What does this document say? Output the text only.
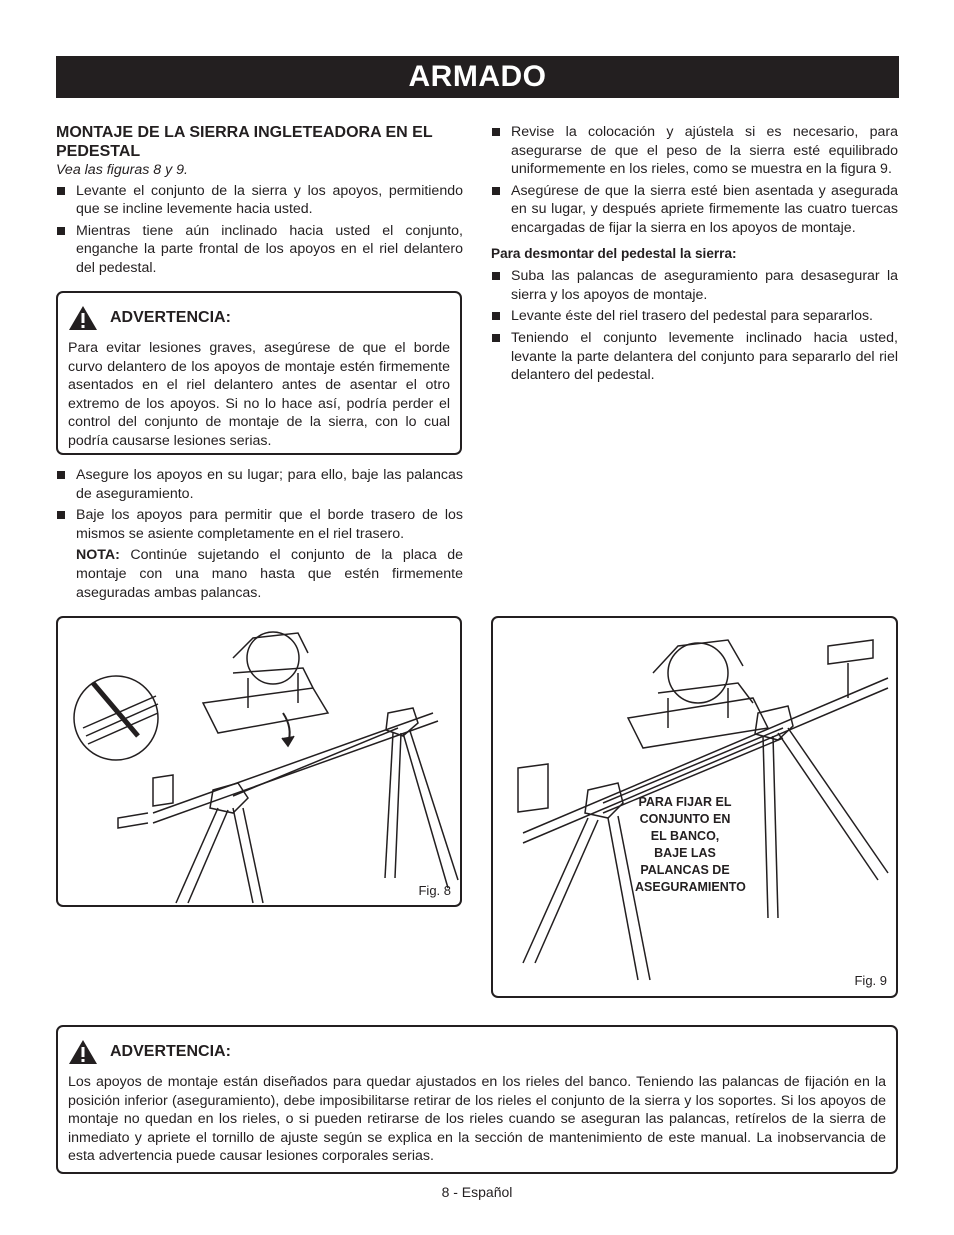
ARMADO
MONTAJE DE LA SIERRA INGLETEADORA EN EL PEDESTAL

Vea las figuras 8 y 9.

Levante el conjunto de la sierra y los apoyos, permitiendo que se incline levemente hacia usted.
Mientras tiene aún inclinado hacia usted el conjunto, enganche la parte frontal de los apoyos en el riel delantero del pedestal.
ADVERTENCIA:
Para evitar lesiones graves, asegúrese de que el borde curvo delantero de los apoyos de montaje estén firmemente asentados en el riel delantero antes de asentar el otro extremo de los apoyos. Si no lo hace así, podría perder el control del conjunto de montaje de la sierra, con lo cual podría causarse lesiones serias.
Asegure los apoyos en su lugar; para ello, baje las palancas de aseguramiento.
Baje los apoyos para permitir que el borde trasero de los mismos se asiente completamente en el riel trasero.
NOTA: Continúe sujetando el conjunto de la placa de montaje con una mano hasta que estén firmemente aseguradas ambas palancas.
Revise la colocación y ajústela si es necesario, para asegurarse de que el peso de la sierra esté equilibrado uniformemente en los rieles, como se muestra en la figura 9.
Asegúrese de que la sierra esté bien asentada y asegurada en su lugar, y después apriete firmemente las cuatro tuercas encargadas de fijar la sierra en los apoyos de montaje.
Para desmontar del pedestal la sierra:
Suba las palancas de aseguramiento para desasegurar la sierra y los apoyos de montaje.
Levante éste del riel trasero del pedestal para separarlos.
Teniendo el conjunto levemente inclinado hacia usted, levante la parte delantera del conjunto para separarlo del riel delantero del pedestal.
Fig. 8
PARA FIJAR EL CONJUNTO EN EL BANCO, BAJE LAS PALANCAS DE ASEGURAMIENTO
Fig. 9
ADVERTENCIA:
Los apoyos de montaje están diseñados para quedar ajustados en los rieles del banco. Teniendo las palancas de fijación en la posición inferior (aseguramiento), debe imposibilitarse retirar de los rieles el conjunto de la sierra y los soportes. Si los apoyos de montaje no quedan en los rieles, o si pueden retirarse de los rieles cuando se aseguran las palancas, retírelos de la sierra de inmediato y apriete el tornillo de ajuste según se explica en la sección de mantenimiento de este manual. La inobservancia de esta advertencia puede causar lesiones corporales serias.
8 - Español
